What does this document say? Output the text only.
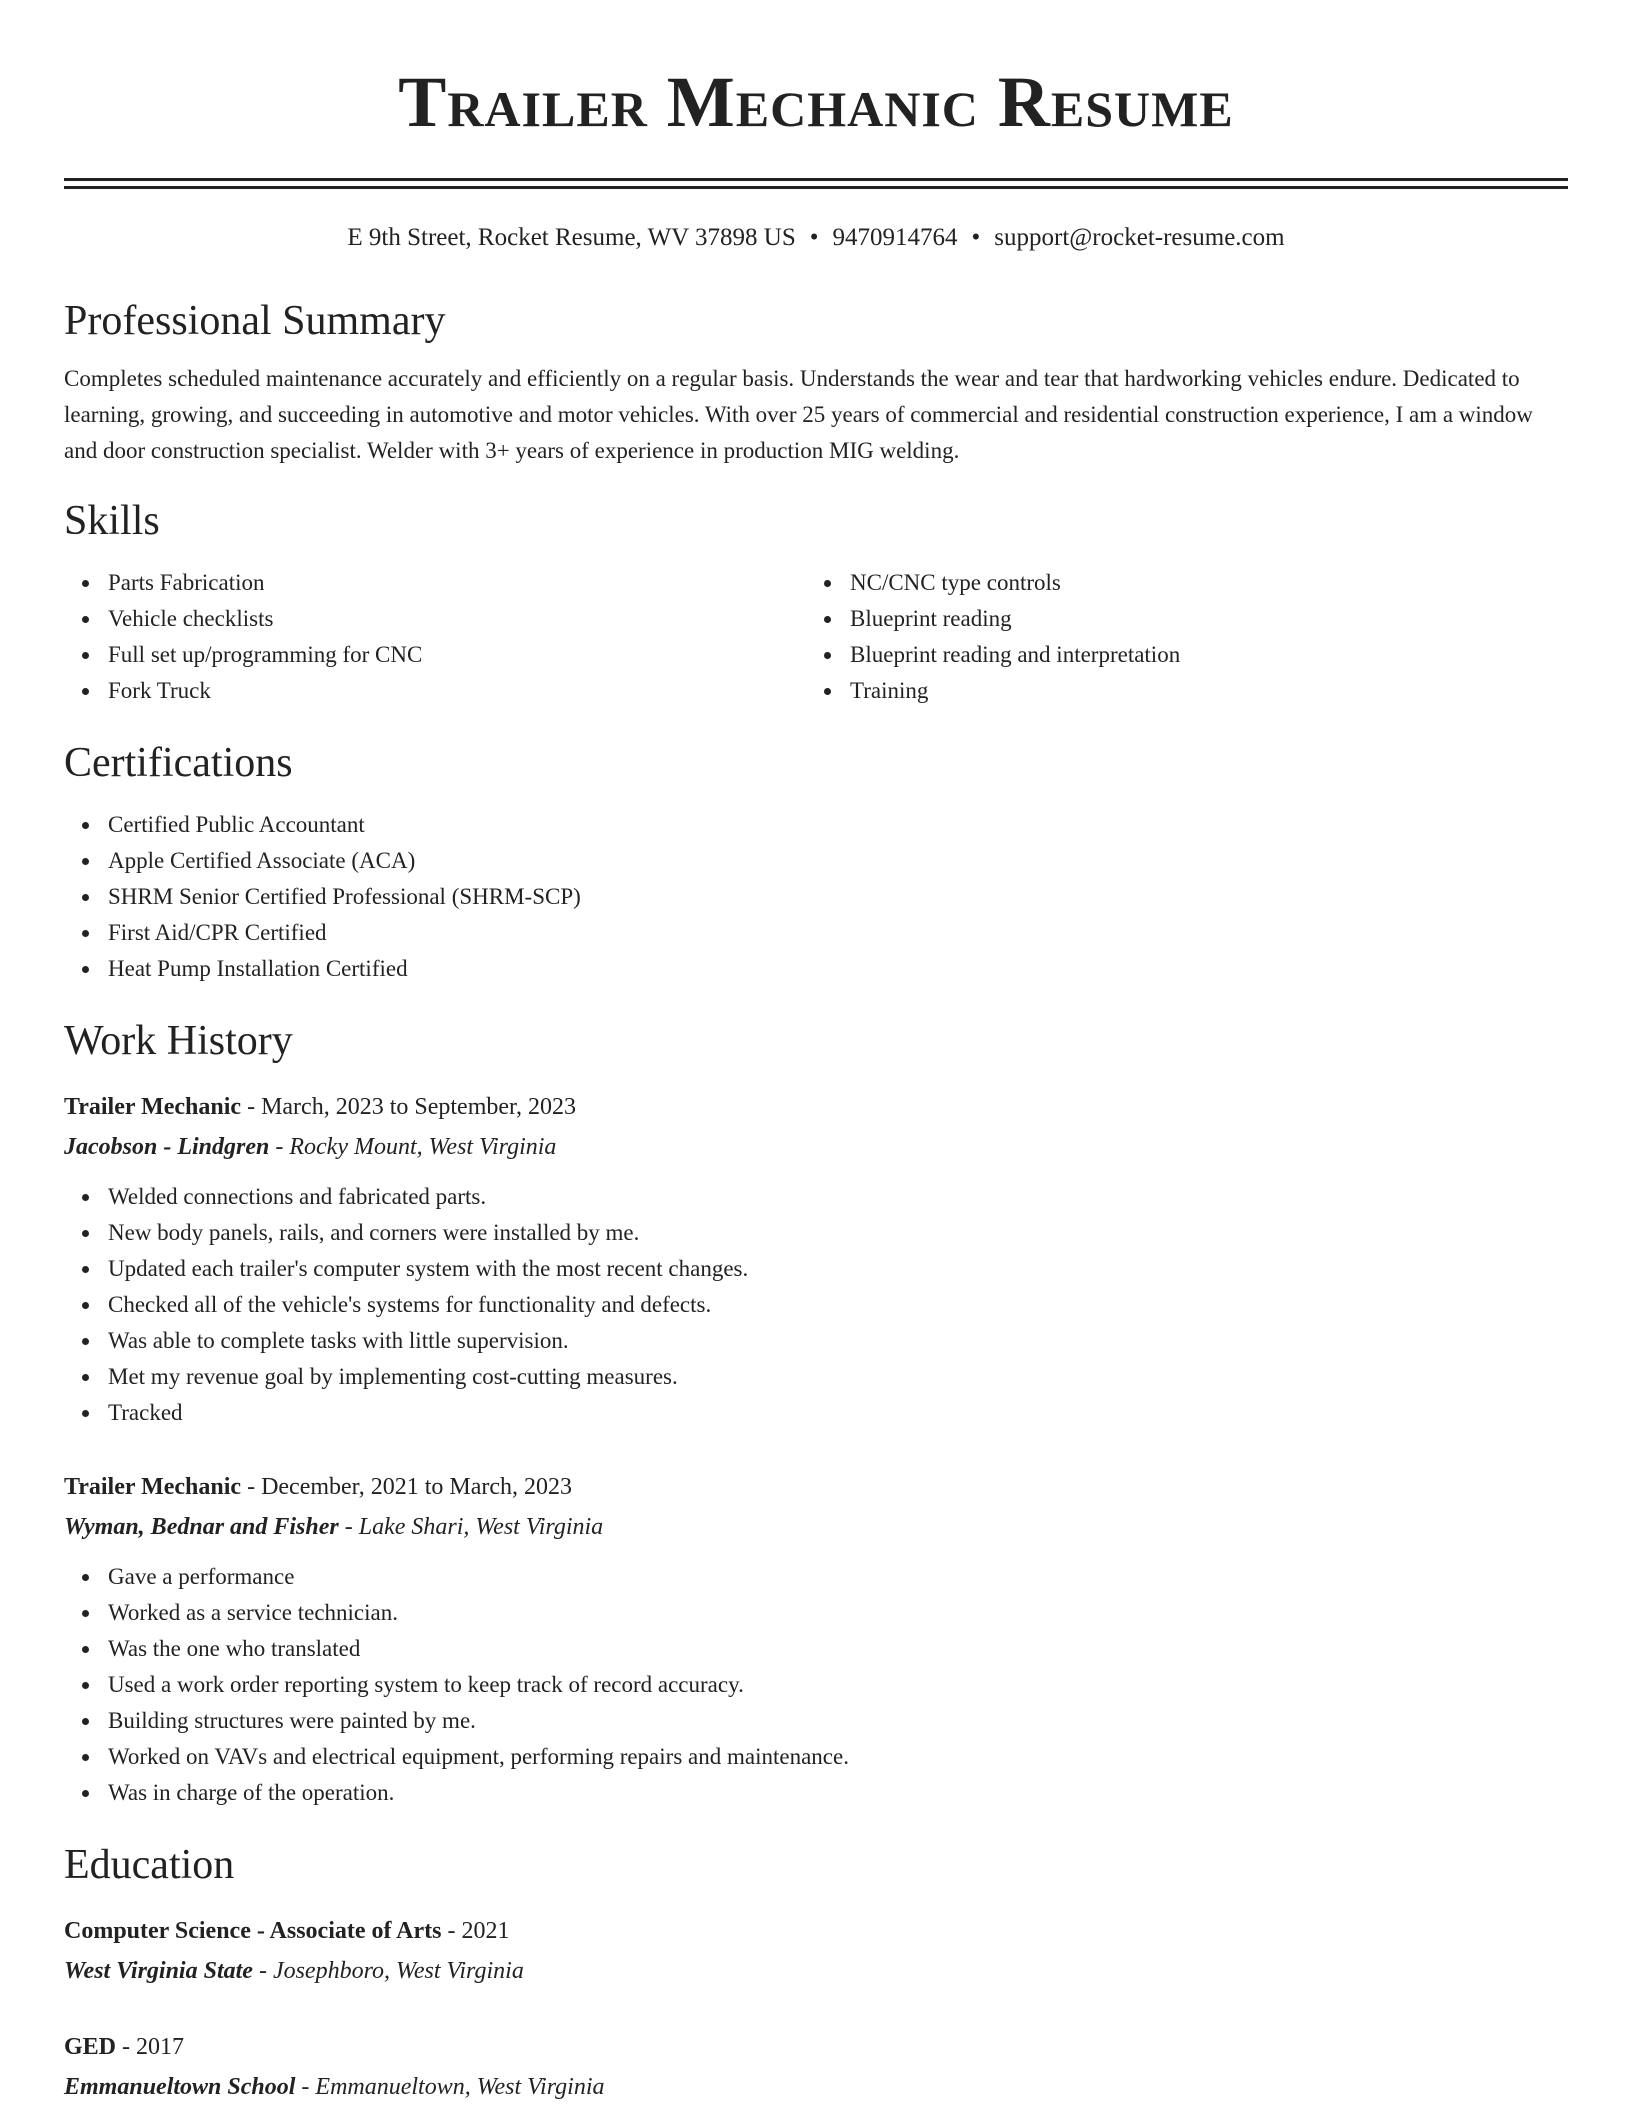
Trailer Mechanic Resume
E 9th Street, Rocket Resume, WV 37898 US • 9470914764 • support@rocket-resume.com
Professional Summary

Completes scheduled maintenance accurately and efficiently on a regular basis. Understands the wear and tear that hardworking vehicles endure. Dedicated to learning, growing, and succeeding in automotive and motor vehicles. With over 25 years of commercial and residential construction experience, I am a window and door construction specialist. Welder with 3+ years of experience in production MIG welding.

Skills
Parts Fabrication
Vehicle checklists
Full set up/programming for CNC
Fork Truck
NC/CNC type controls
Blueprint reading
Blueprint reading and interpretation
Training
Certifications
Certified Public Accountant
Apple Certified Associate (ACA)
SHRM Senior Certified Professional (SHRM-SCP)
First Aid/CPR Certified
Heat Pump Installation Certified
Work History
Trailer Mechanic - March, 2023 to September, 2023
Jacobson - Lindgren - Rocky Mount, West Virginia
Welded connections and fabricated parts.
New body panels, rails, and corners were installed by me.
Updated each trailer's computer system with the most recent changes.
Checked all of the vehicle's systems for functionality and defects.
Was able to complete tasks with little supervision.
Met my revenue goal by implementing cost-cutting measures.
Tracked
Trailer Mechanic - December, 2021 to March, 2023
Wyman, Bednar and Fisher - Lake Shari, West Virginia
Gave a performance
Worked as a service technician.
Was the one who translated
Used a work order reporting system to keep track of record accuracy.
Building structures were painted by me.
Worked on VAVs and electrical equipment, performing repairs and maintenance.
Was in charge of the operation.
Education
Computer Science - Associate of Arts - 2021
West Virginia State - Josephboro, West Virginia
GED - 2017
Emmanueltown School - Emmanueltown, West Virginia
